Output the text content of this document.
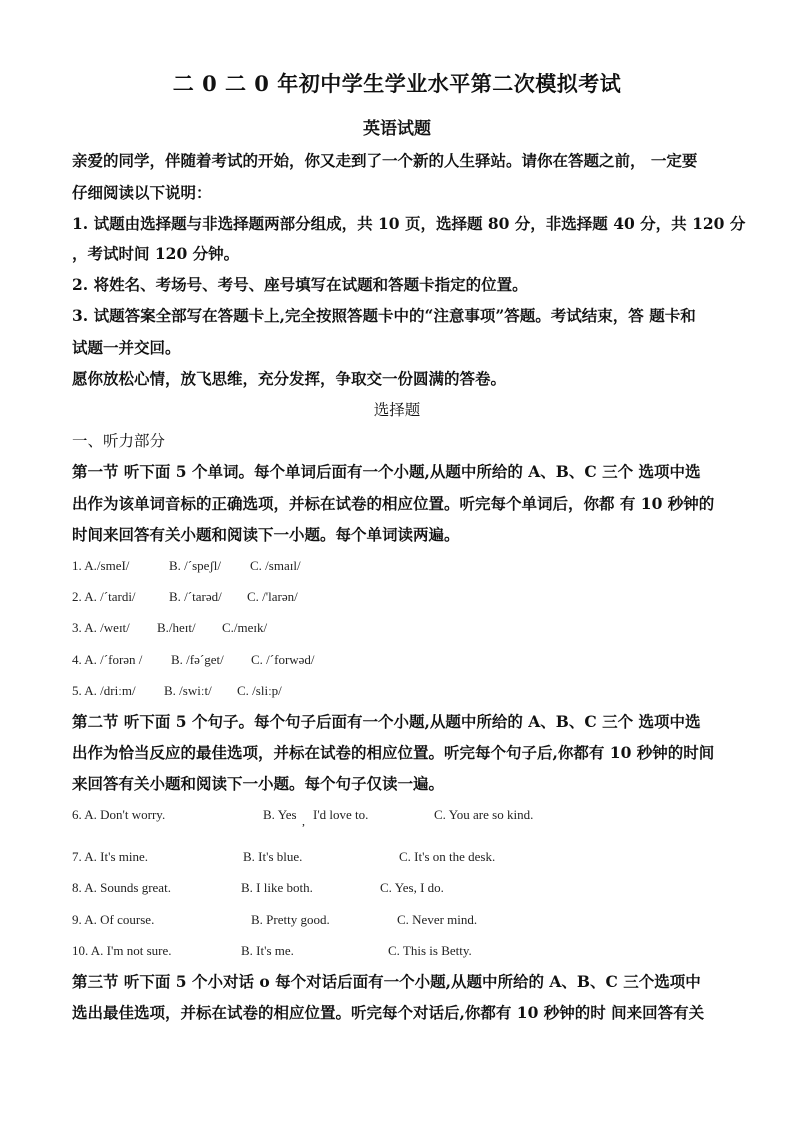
二 0 二 0 年初中学生学业水平第二次模拟考试
英语试题
亲爱的同学，伴随着考试的开始，你又走到了一个新的人生驿站。请你在答题之前， 一定要
仔细阅读以下说明：
1. 试题由选择题与非选择题两部分组成，共 10 页，选择题 80 分，非选择题 40 分，共 120 分
，考试时间 120 分钟。
2. 将姓名、考场号、考号、座号填写在试题和答题卡指定的位置。
3. 试题答案全部写在答题卡上,完全按照答题卡中的“注意事项”答题。考试结束，答 题卡和
试题一并交回。
愿你放松心情，放飞思维，充分发挥，争取交一份圆满的答卷。
选择题
一、听力部分
第一节 听下面 5 个单词。每个单词后面有一个小题,从题中所给的 A、B、C 三个 选项中选
出作为该单词音标的正确选项，并标在试卷的相应位置。听完每个单词后，你都 有 10 秒钟的
时间来回答有关小题和阅读下一小题。每个单词读两遍。
1. A./smeI/	B. /ˊspeʃl/ C. /smaɪl/
2. A. /ˊtardi/	B. /ˊtarəd/ C. /'larən/
3. A. /weɪt/ B./heɪt/ C./meɪk/
4. A. /ˊforən / B. /fəˊget/ C. /ˊforwəd/
5. A. /driːm/ B. /swiːt/ C. /sliːp/
第二节 听下面 5 个句子。每个句子后面有一个小题,从题中所给的 A、B、C 三个 选项中选
出作为恰当反应的最佳选项，并标在试卷的相应位置。听完每个句子后,你都有 10 秒钟的时间
来回答有关小题和阅读下一小题。每个句子仅读一遍。
6. A. Don't worry.	B. Yes , I'd love to.	C. You are so kind.
7. A. It's mine.	B. It's blue.	C. It's on the desk.
8. A. Sounds great.	B. I like both.	C. Yes, I do.
9. A. Of course.	B. Pretty good.	C. Never mind.
10. A. I'm not sure.	B. It's me.	C. This is Betty.
第三节 听下面 5 个小对话 o 每个对话后面有一个小题,从题中所给的 A、B、C 三个选项中
选出最佳选项，并标在试卷的相应位置。听完每个对话后,你都有 10 秒钟的时 间来回答有关
